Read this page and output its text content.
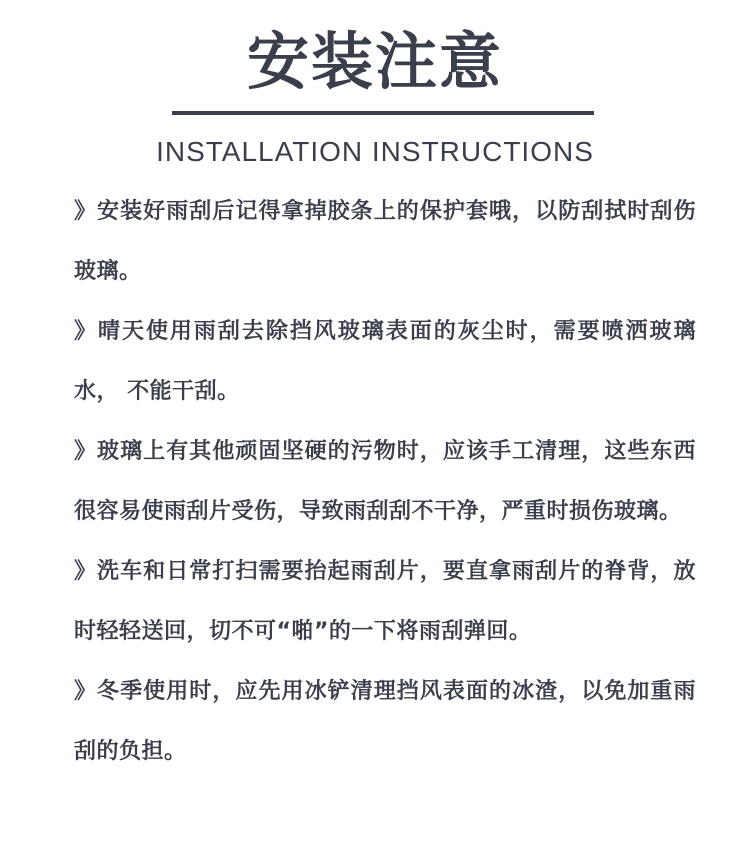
安装注意
INSTALLATION INSTRUCTIONS

》安装好雨刮后记得拿掉胶条上的保护套哦，以防刮拭时刮伤玻璃。

》晴天使用雨刮去除挡风玻璃表面的灰尘时，需要喷洒玻璃水， 不能干刮。

》玻璃上有其他顽固坚硬的污物时，应该手工清理，这些东西很容易使雨刮片受伤，导致雨刮刮不干净，严重时损伤玻璃。

》洗车和日常打扫需要抬起雨刮片，要直拿雨刮片的脊背，放时轻轻送回，切不可“啪”的一下将雨刮弹回。

》冬季使用时，应先用冰铲清理挡风表面的冰渣，以免加重雨刮的负担。
